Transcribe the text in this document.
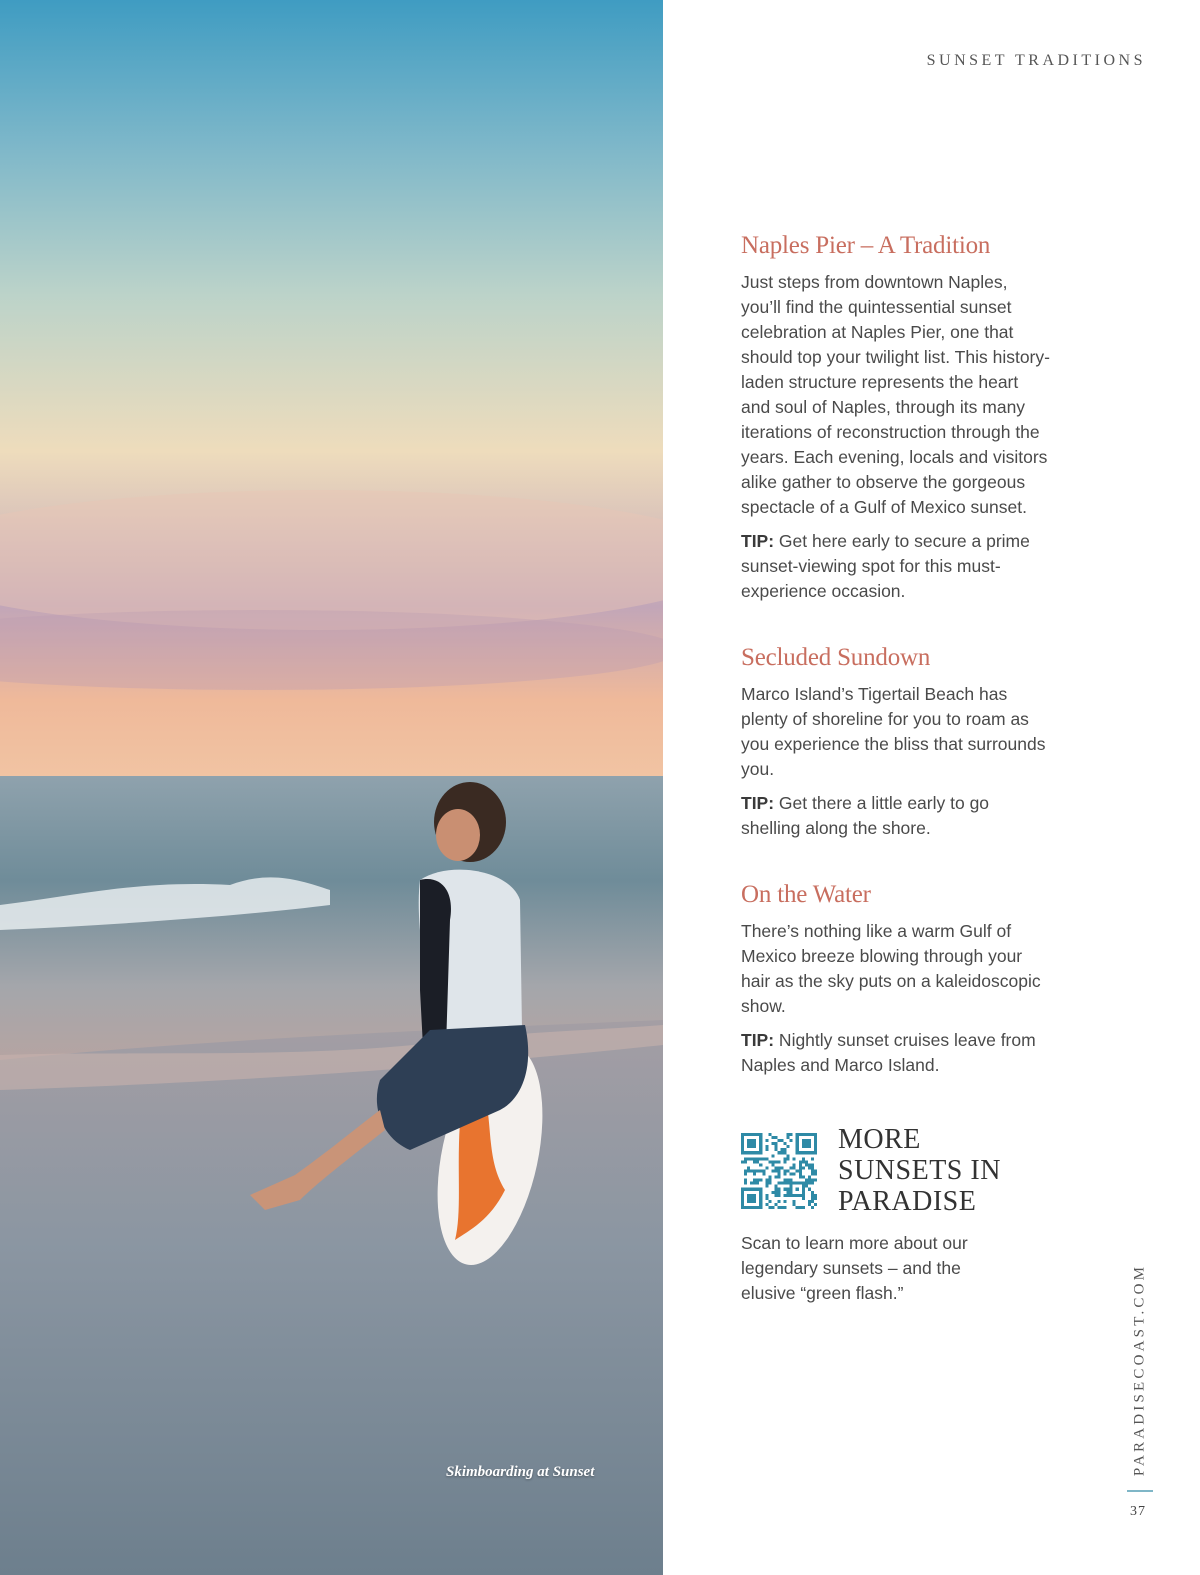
Skimboarding at Sunset
SUNSET TRADITIONS
Naples Pier – A Tradition

Just steps from downtown Naples, you’ll find the quintessential sunset celebration at Naples Pier, one that should top your twilight list. This history-laden structure represents the heart and soul of Naples, through its many iterations of reconstruction through the years. Each evening, locals and visitors alike gather to observe the gorgeous spectacle of a Gulf of Mexico sunset.

TIP: Get here early to secure a prime sunset-viewing spot for this must-experience occasion.

Secluded Sundown

Marco Island’s Tigertail Beach has plenty of shoreline for you to roam as you experience the bliss that surrounds you.

TIP: Get there a little early to go shelling along the shore.

On the Water

There’s nothing like a warm Gulf of Mexico breeze blowing through your hair as the sky puts on a kaleidoscopic show.

TIP: Nightly sunset cruises leave from Naples and Marco Island.

MORE
SUNSETS IN
PARADISE
Scan to learn more about our legendary sunsets – and the elusive “green flash.”	PARADISECOAST.COM
37
